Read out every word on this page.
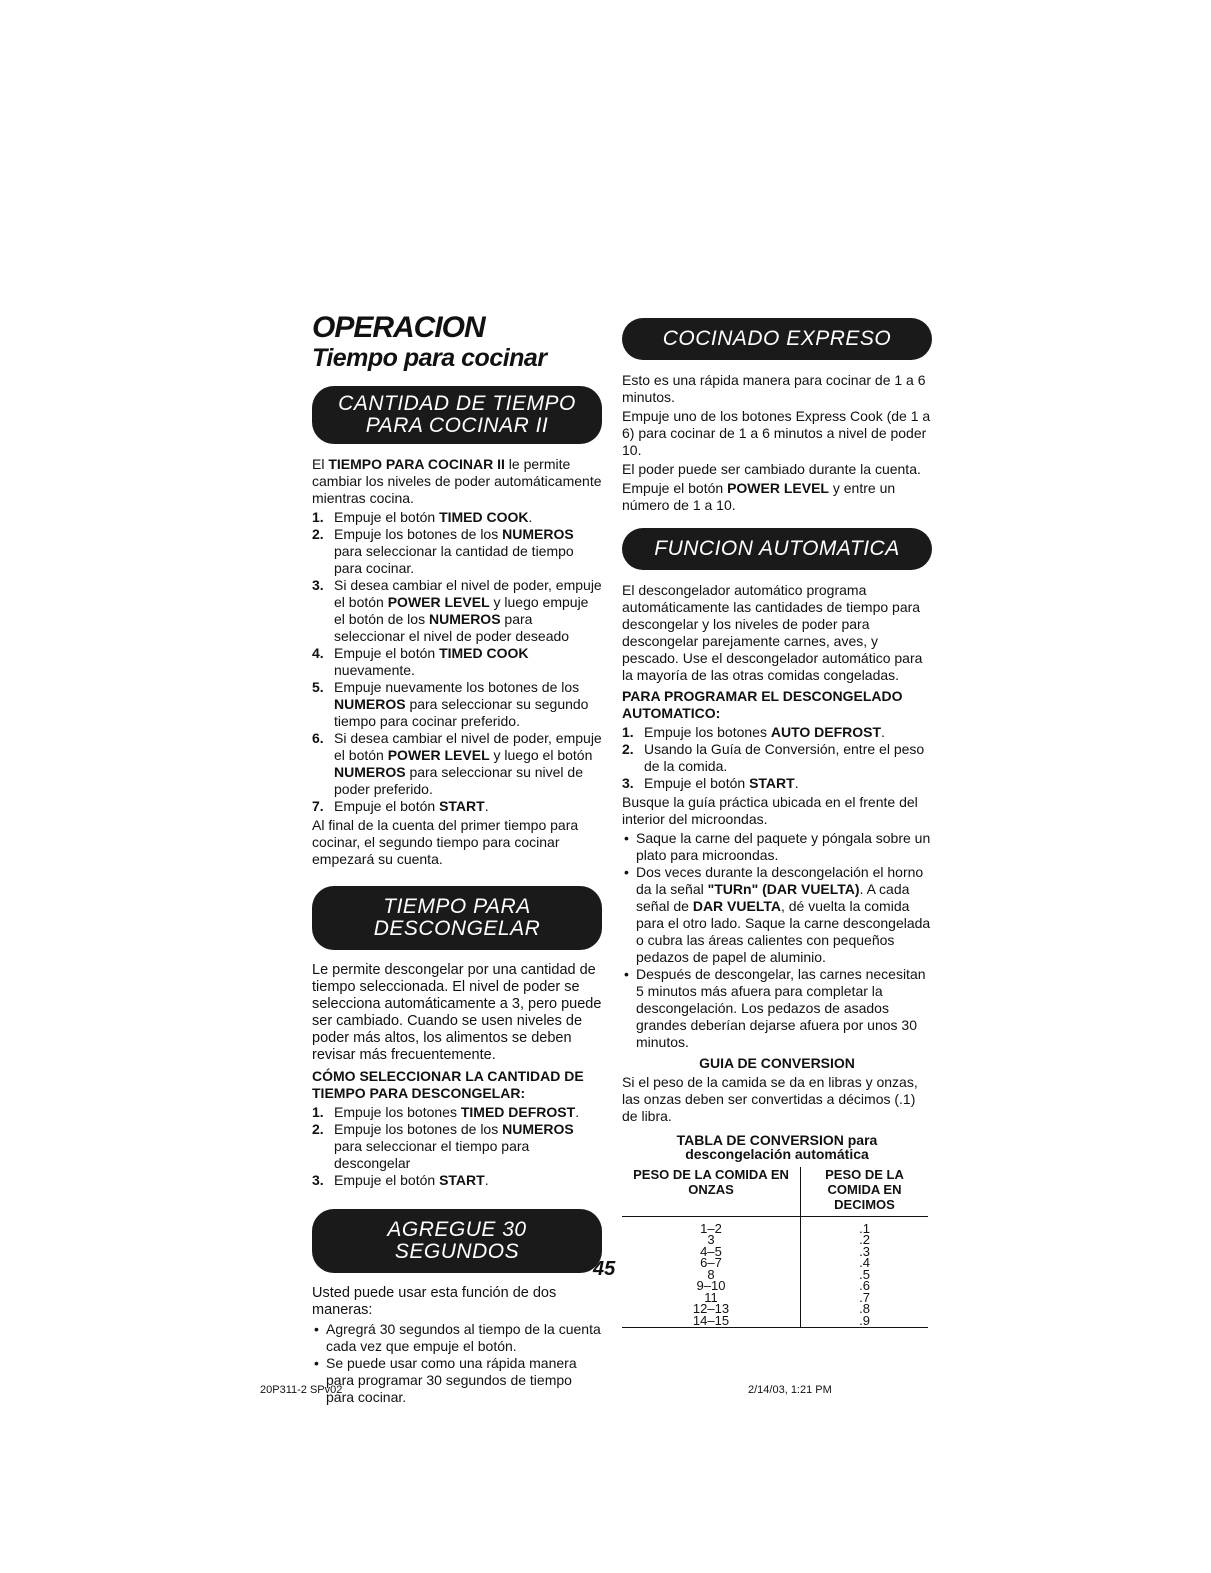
OPERACION
Tiempo para cocinar
CANTIDAD DE TIEMPO PARA COCINAR II

El TIEMPO PARA COCINAR II le permite cambiar los niveles de poder automáticamente mientras cocina.

1. Empuje el botón TIMED COOK.
2. Empuje los botones de los NUMEROS para seleccionar la cantidad de tiempo para cocinar.
3. Si desea cambiar el nivel de poder, empuje el botón POWER LEVEL y luego empuje el botón de los NUMEROS para seleccionar el nivel de poder deseado
4. Empuje el botón TIMED COOK nuevamente.
5. Empuje nuevamente los botones de los NUMEROS para seleccionar su segundo tiempo para cocinar preferido.
6. Si desea cambiar el nivel de poder, empuje el botón POWER LEVEL y luego el botón NUMEROS para seleccionar su nivel de poder preferido.
7. Empuje el botón START.

Al final de la cuenta del primer tiempo para cocinar, el segundo tiempo para cocinar empezará su cuenta.

TIEMPO PARA DESCONGELAR

Le permite descongelar por una cantidad de tiempo seleccionada. El nivel de poder se selecciona automáticamente a 3, pero puede ser cambiado. Cuando se usen niveles de poder más altos, los alimentos se deben revisar más frecuentemente.

CÓMO SELECCIONAR LA CANTIDAD DE TIEMPO PARA DESCONGELAR:
1. Empuje los botones TIMED DEFROST.
2. Empuje los botones de los NUMEROS para seleccionar el tiempo para descongelar
3. Empuje el botón START.
AGREGUE 30 SEGUNDOS

Usted puede usar esta función de dos maneras:

• Agregrá 30 segundos al tiempo de la cuenta cada vez que empuje el botón.
• Se puede usar como una rápida manera para programar 30 segundos de tiempo para cocinar.
COCINADO EXPRESO

Esto es una rápida manera para cocinar de 1 a 6 minutos.

Empuje uno de los botones Express Cook (de 1 a 6) para cocinar de 1 a 6 minutos a nivel de poder 10.

El poder puede ser cambiado durante la cuenta.

Empuje el botón POWER LEVEL y entre un número de 1 a 10.

FUNCION AUTOMATICA

El descongelador automático programa automáticamente las cantidades de tiempo para descongelar y los niveles de poder para descongelar parejamente carnes, aves, y pescado. Use el descongelador automático para la mayoría de las otras comidas congeladas.

PARA PROGRAMAR EL DESCONGELADO AUTOMATICO:
1. Empuje los botones AUTO DEFROST.
2. Usando la Guía de Conversión, entre el peso de la comida.
3. Empuje el botón START.

Busque la guía práctica ubicada en el frente del interior del microondas.

• Saque la carne del paquete y póngala sobre un plato para microondas.
• Dos veces durante la descongelación el horno da la señal "TURn" (DAR VUELTA). A cada señal de DAR VUELTA, dé vuelta la comida para el otro lado. Saque la carne descongelada o cubra las áreas calientes con pequeños pedazos de papel de aluminio.
• Después de descongelar, las carnes necesitan 5 minutos más afuera para completar la descongelación. Los pedazos de asados grandes deberían dejarse afuera por unos 30 minutos.
GUIA DE CONVERSION

Si el peso de la camida se da en libras y onzas, las onzas deben ser convertidas a décimos (.1) de libra.

TABLA DE CONVERSION para
descongelación automática
PESO DE LA COMIDA EN ONZAS	PESO DE LA COMIDA EN DECIMOS

1–2	.1
3	.2
4–5	.3
6–7	.4
8	.5
9–10	.6
11	.7
12–13	.8
14–15	.9
45
20P311-2 SPv02	2/14/03, 1:21 PM
